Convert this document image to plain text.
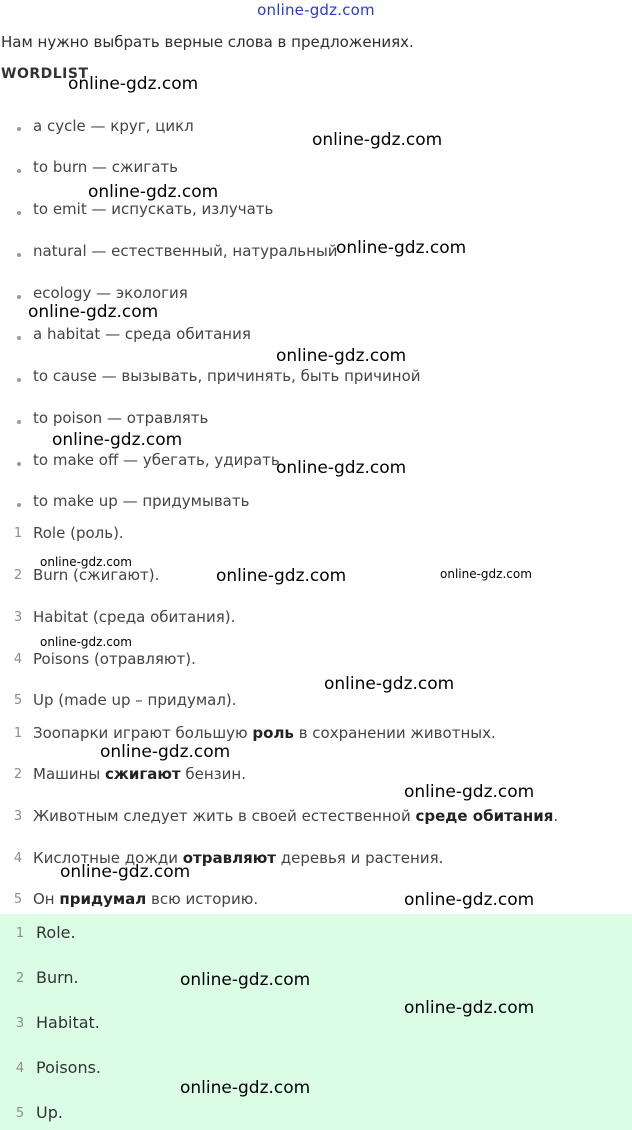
online-gdz.com
Нам нужно выбрать верные слова в предложениях.
WORDLIST
a cycle — круг, цикл
to burn — сжигать
to emit — испускать, излучать
natural — естественный, натуральный
ecology — экология
a habitat — среда обитания
to cause — вызывать, причинять, быть причиной
to poison — отравлять
to make off — убегать, удирать
to make up — придумывать
1 Role (роль).
2 Burn (сжигают).
3 Habitat (среда обитания).
4 Poisons (отравляют).
5 Up (made up – придумал).
1 Зоопарки играют большую роль в сохранении животных.
2 Машины сжигают бензин.
3 Животным следует жить в своей естественной среде обитания.
4 Кислотные дожди отравляют деревья и растения.
5 Он придумал всю историю.
1 Role.
2 Burn.
3 Habitat.
4 Poisons.
5 Up.
online-gdz.com
online-gdz.com
online-gdz.com
online-gdz.com
online-gdz.com
online-gdz.com
online-gdz.com
online-gdz.com
online-gdz.com
online-gdz.com	online-gdz.com
online-gdz.com
online-gdz.com
online-gdz.com
online-gdz.com
online-gdz.com
online-gdz.com
online-gdz.com
online-gdz.com
online-gdz.com
